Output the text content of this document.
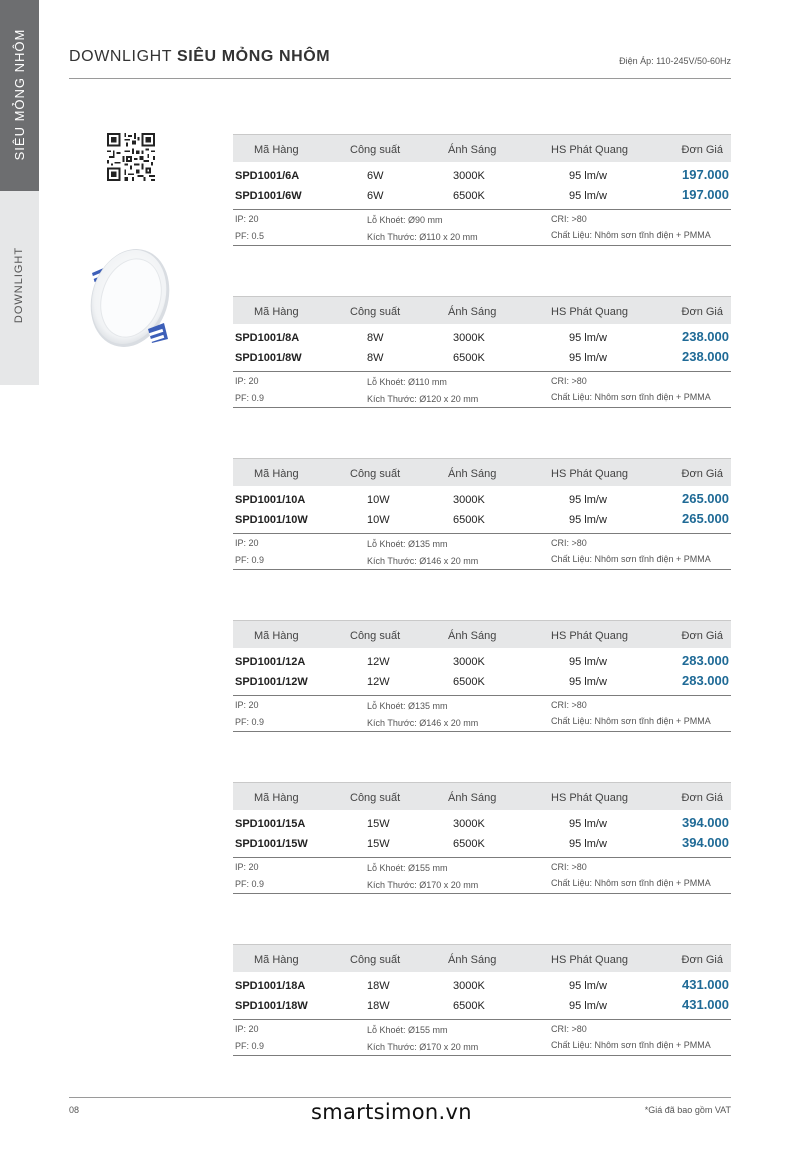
SIÊU MỎNG NHÔM
DOWNLIGHT
DOWNLIGHT SIÊU MỎNG NHÔM	Điện Áp: 110-245V/50-60Hz
Mã Hàng	Công suất	Ánh Sáng	HS Phát Quang	Đơn Giá
SPD1001/6A	6W	3000K	95 lm/w	197.000
SPD1001/6W	6W	6500K	95 lm/w	197.000
IP: 20
PF: 0.5
Lỗ Khoét: Ø90 mm
Kích Thước: Ø110 x 20 mm
CRI: >80
Chất Liệu: Nhôm sơn tĩnh điện + PMMA
Mã Hàng	Công suất	Ánh Sáng	HS Phát Quang	Đơn Giá
SPD1001/8A	8W	3000K	95 lm/w	238.000
SPD1001/8W	8W	6500K	95 lm/w	238.000
IP: 20
PF: 0.9
Lỗ Khoét: Ø110 mm
Kích Thước: Ø120 x 20 mm
CRI: >80
Chất Liệu: Nhôm sơn tĩnh điện + PMMA
Mã Hàng	Công suất	Ánh Sáng	HS Phát Quang	Đơn Giá
SPD1001/10A	10W	3000K	95 lm/w	265.000
SPD1001/10W	10W	6500K	95 lm/w	265.000
IP: 20
PF: 0.9
Lỗ Khoét: Ø135 mm
Kích Thước: Ø146 x 20 mm
CRI: >80
Chất Liệu: Nhôm sơn tĩnh điện + PMMA
Mã Hàng	Công suất	Ánh Sáng	HS Phát Quang	Đơn Giá
SPD1001/12A	12W	3000K	95 lm/w	283.000
SPD1001/12W	12W	6500K	95 lm/w	283.000
IP: 20
PF: 0.9
Lỗ Khoét: Ø135 mm
Kích Thước: Ø146 x 20 mm
CRI: >80
Chất Liệu: Nhôm sơn tĩnh điện + PMMA
Mã Hàng	Công suất	Ánh Sáng	HS Phát Quang	Đơn Giá
SPD1001/15A	15W	3000K	95 lm/w	394.000
SPD1001/15W	15W	6500K	95 lm/w	394.000
IP: 20
PF: 0.9
Lỗ Khoét: Ø155 mm
Kích Thước: Ø170 x 20 mm
CRI: >80
Chất Liệu: Nhôm sơn tĩnh điện + PMMA
Mã Hàng	Công suất	Ánh Sáng	HS Phát Quang	Đơn Giá
SPD1001/18A	18W	3000K	95 lm/w	431.000
SPD1001/18W	18W	6500K	95 lm/w	431.000
IP: 20
PF: 0.9
Lỗ Khoét: Ø155 mm
Kích Thước: Ø170 x 20 mm
CRI: >80
Chất Liệu: Nhôm sơn tĩnh điện + PMMA
08	smartsimon.vn	*Giá đã bao gồm VAT
